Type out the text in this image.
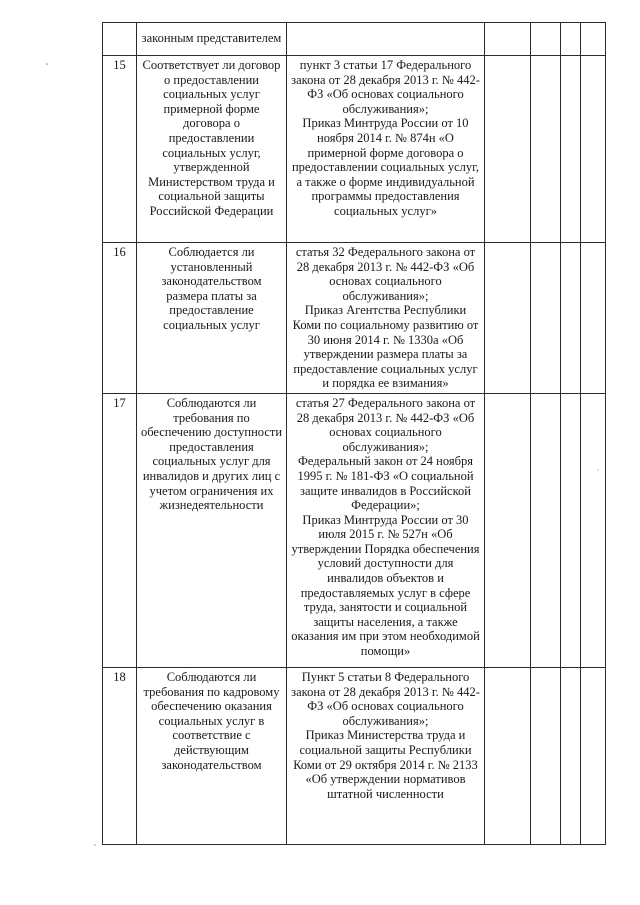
	законным представителем					
15	Соответствует ли договор о предоставлении социальных услуг примерной форме договора о предоставлении социальных услуг, утвержденной Министерством труда и социальной защиты Российской Федерации	пункт 3 статьи 17 Федерального закона от 28 декабря 2013 г. № 442-ФЗ «Об основах социального обслуживания»;
Приказ Минтруда России от 10 ноября 2014 г. № 874н «О примерной форме договора о предоставлении социальных услуг, а также о форме индивидуальной программы предоставления социальных услуг»				

16	Соблюдается ли установленный законодательством размера платы за предоставление социальных услуг	статья 32 Федерального закона от 28 декабря 2013 г. № 442-ФЗ «Об основах социального обслуживания»;
Приказ Агентства Республики Коми по социальному развитию от 30 июня 2014 г. № 1330а «Об утверждении размера платы за предоставление социальных услуг и порядка ее взимания»				

17	Соблюдаются ли требования по обеспечению доступности предоставления социальных услуг для инвалидов и других лиц с учетом ограничения их жизнедеятельности	статья 27 Федерального закона от 28 декабря 2013 г. № 442-ФЗ «Об основах социального обслуживания»;
Федеральный закон от 24 ноября 1995 г. № 181-ФЗ «О социальной защите инвалидов в Российской Федерации»;
Приказ Минтруда России от 30 июля 2015 г. № 527н «Об утверждении Порядка обеспечения условий доступности для инвалидов объектов и предоставляемых услуг в сфере труда, занятости и социальной защиты населения, а также оказания им при этом необходимой помощи»				

18	Соблюдаются ли требования по кадровому обеспечению оказания социальных услуг в соответствие с действующим законодательством	Пункт 5 статьи 8 Федерального закона от 28 декабря 2013 г. № 442-ФЗ «Об основах социального обслуживания»;
Приказ Министерства труда и социальной защиты Республики Коми от 29 октября 2014 г. № 2133 «Об утверждении нормативов штатной численности				
